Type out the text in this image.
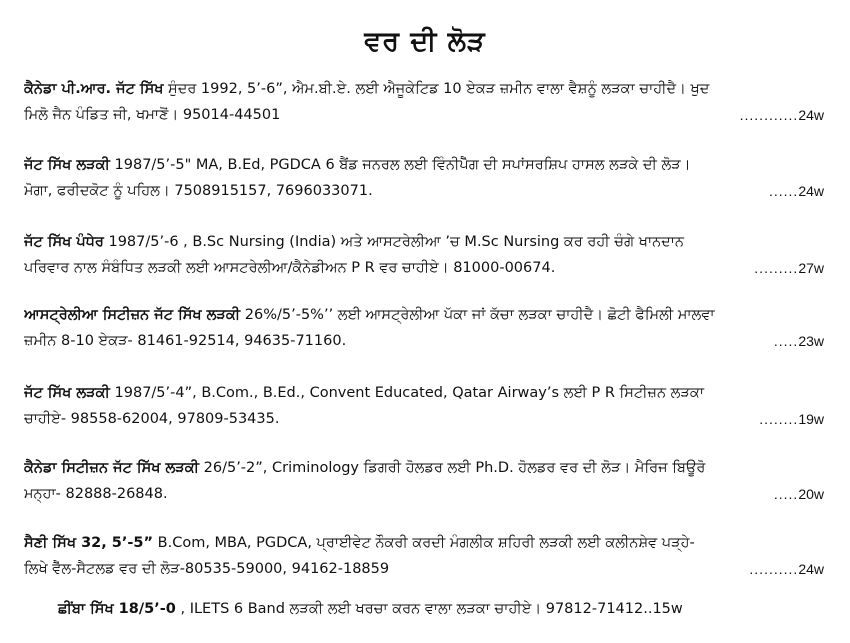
ਵਰ ਦੀ ਲੋੜ
ਕੈਨੇਡਾ ਪੀ.ਆਰ. ਜੱਟ ਸਿੱਖ ਸੁੰਦਰ 1992, 5’-6”, ਐਮ.ਬੀ.ਏ. ਲਈ ਐਜੂਕੇਟਿਡ 10 ਏਕੜ ਜ਼ਮੀਨ ਵਾਲਾ ਵੈਸ਼ਨੂੰ ਲੜਕਾ ਚਾਹੀਦੈ। ਖੁਦ
ਮਿਲੋ ਜੈਨ ਪੰਡਿਤ ਜੀ, ਖਮਾਣੋਂ। 95014-44501	............24w
ਜੱਟ ਸਿੱਖ ਲੜਕੀ 1987/5’-5" MA, B.Ed, PGDCA 6 ਬੈਂਡ ਜਨਰਲ ਲਈ ਵਿੰਨੀਪੈੱਗ ਦੀ ਸਪਾਂਸਰਸ਼ਿਪ ਹਾਸਲ ਲੜਕੇ ਦੀ ਲੋੜ।
ਮੋਗਾ, ਫਰੀਦਕੋਟ ਨੂੰ ਪਹਿਲ। 7508915157, 7696033071.	......24w
ਜੱਟ ਸਿੱਖ ਪੰਧੇਰ 1987/5’-6 , B.Sc Nursing (India) ਅਤੇ ਆਸਟਰੇਲੀਆ ’ਚ M.Sc Nursing ਕਰ ਰਹੀ ਚੰਗੇ ਖਾਨਦਾਨ
ਪਰਿਵਾਰ ਨਾਲ ਸੰਬੰਧਿਤ ਲੜਕੀ ਲਈ ਆਸਟਰੇਲੀਆ/ਕੈਨੇਡੀਅਨ P R ਵਰ ਚਾਹੀਏ। 81000-00674.	.........27w
ਆਸਟ੍ਰੇਲੀਆ ਸਿਟੀਜ਼ਨ ਜੱਟ ਸਿੱਖ ਲੜਕੀ 26%/5’-5%’’ ਲਈ ਆਸਟ੍ਰੇਲੀਆ ਪੱਕਾ ਜਾਂ ਕੱਚਾ ਲੜਕਾ ਚਾਹੀਦੈ। ਛੋਟੀ ਫੈਮਿਲੀ ਮਾਲਵਾ
ਜ਼ਮੀਨ 8-10 ਏਕੜ- 81461-92514, 94635-71160.	.....23w
ਜੱਟ ਸਿੱਖ ਲੜਕੀ 1987/5’-4”, B.Com., B.Ed., Convent Educated, Qatar Airway’s ਲਈ P R ਸਿਟੀਜ਼ਨ ਲੜਕਾ
ਚਾਹੀਏ- 98558-62004, 97809-53435.	........19w
ਕੈਨੇਡਾ ਸਿਟੀਜ਼ਨ ਜੱਟ ਸਿੱਖ ਲੜਕੀ 26/5’-2”, Criminology ਡਿਗਰੀ ਹੋਲਡਰ ਲਈ Ph.D. ਹੋਲਡਰ ਵਰ ਦੀ ਲੋੜ। ਮੈਰਿਜ ਬਿਊਰੋ
ਮਨ੍ਹਾ- 82888-26848.	.....20w
ਸੈਣੀ ਸਿੱਖ 32, 5’-5” B.Com, MBA, PGDCA, ਪ੍ਰਾਈਵੇਟ ਨੌਕਰੀ ਕਰਦੀ ਮੰਗਲੀਕ ਸ਼ਹਿਰੀ ਲੜਕੀ ਲਈ ਕਲੀਨਸ਼ੇਵ ਪੜ੍ਹੇ-
ਲਿਖੇ ਵੈੱਲ-ਸੈਟਲਡ ਵਰ ਦੀ ਲੋੜ-80535-59000, 94162-18859	..........24w
ਛੀਂਬਾ ਸਿੱਖ 18/5’-0 , ILETS 6 Band ਲੜਕੀ ਲਈ ਖਰਚਾ ਕਰਨ ਵਾਲਾ ਲੜਕਾ ਚਾਹੀਏ। 97812-71412..15w
